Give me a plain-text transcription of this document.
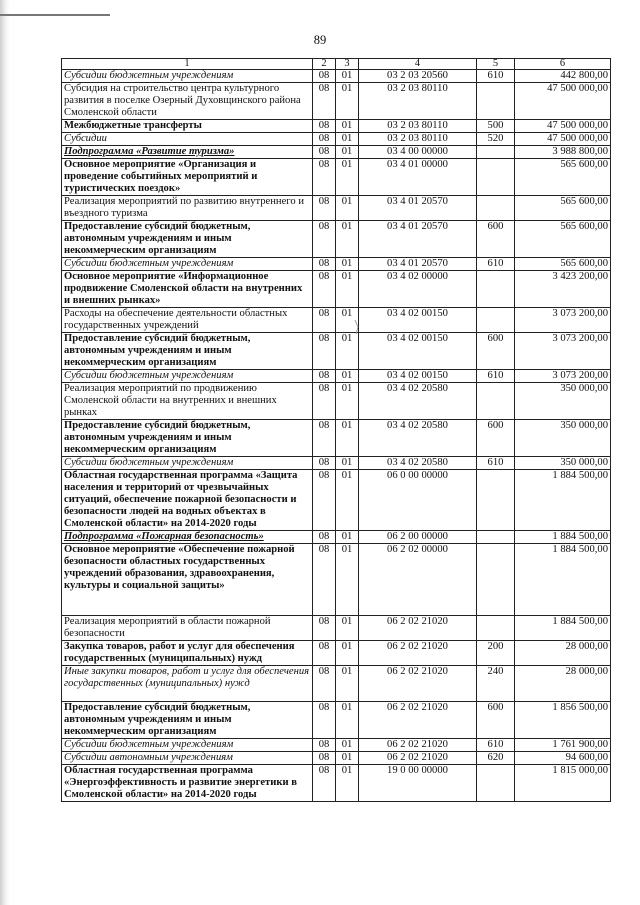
89
1	2	3	4	5	6
Субсидии бюджетным учреждениям	08	01	03 2 03 20560	610	442 800,00
Субсидия на строительство центра культурного развития в поселке Озерный Духовщинского района Смоленской области	08	01	03 2 03 80110		47 500 000,00
Межбюджетные трансферты	08	01	03 2 03 80110	500	47 500 000,00
Субсидии	08	01	03 2 03 80110	520	47 500 000,00
Подпрограмма «Развитие туризма»	08	01	03 4 00 00000		3 988 800,00
Основное мероприятие «Организация и проведение событийных мероприятий и туристических поездок»	08	01	03 4 01 00000		565 600,00
Реализация мероприятий по развитию внутреннего и въездного туризма	08	01	03 4 01 20570		565 600,00
Предоставление субсидий бюджетным, автономным учреждениям и иным некоммерческим организациям	08	01	03 4 01 20570	600	565 600,00
Субсидии бюджетным учреждениям	08	01	03 4 01 20570	610	565 600,00
Основное мероприятие «Информационное продвижение Смоленской области на внутренних и внешних рынках»	08	01	03 4 02 00000		3 423 200,00
Расходы на обеспечение деятельности областных государственных учреждений	08	01	03 4 02 00150		3 073 200,00
Предоставление субсидий бюджетным, автономным учреждениям и иным некоммерческим организациям	08	01	03 4 02 00150	600	3 073 200,00
Субсидии бюджетным учреждениям	08	01	03 4 02 00150	610	3 073 200,00
Реализация мероприятий по продвижению Смоленской области на внутренних и внешних рынках	08	01	03 4 02 20580		350 000,00
Предоставление субсидий бюджетным, автономным учреждениям и иным некоммерческим организациям	08	01	03 4 02 20580	600	350 000,00
Субсидии бюджетным учреждениям	08	01	03 4 02 20580	610	350 000,00
Областная государственная программа «Защита населения и территорий от чрезвычайных ситуаций, обеспечение пожарной безопасности и безопасности людей на водных объектах в Смоленской области» на 2014-2020 годы	08	01	06 0 00 00000		1 884 500,00
Подпрограмма «Пожарная безопасность»	08	01	06 2 00 00000		1 884 500,00
Основное мероприятие «Обеспечение пожарной безопасности областных государственных учреждений образования, здравоохранения, культуры и социальной защиты»	08	01	06 2 02 00000		1 884 500,00
Реализация мероприятий в области пожарной безопасности	08	01	06 2 02 21020		1 884 500,00
Закупка товаров, работ и услуг для обеспечения государственных (муниципальных) нужд	08	01	06 2 02 21020	200	28 000,00
Иные закупки товаров, работ и услуг для обеспечения государственных (муниципальных) нужд	08	01	06 2 02 21020	240	28 000,00
Предоставление субсидий бюджетным, автономным учреждениям и иным некоммерческим организациям	08	01	06 2 02 21020	600	1 856 500,00
Субсидии бюджетным учреждениям	08	01	06 2 02 21020	610	1 761 900,00
Субсидии автономным учреждениям	08	01	06 2 02 21020	620	94 600,00
Областная государственная программа «Энергоэффективность и развитие энергетики в Смоленской области» на 2014-2020 годы	08	01	19 0 00 00000		1 815 000,00
